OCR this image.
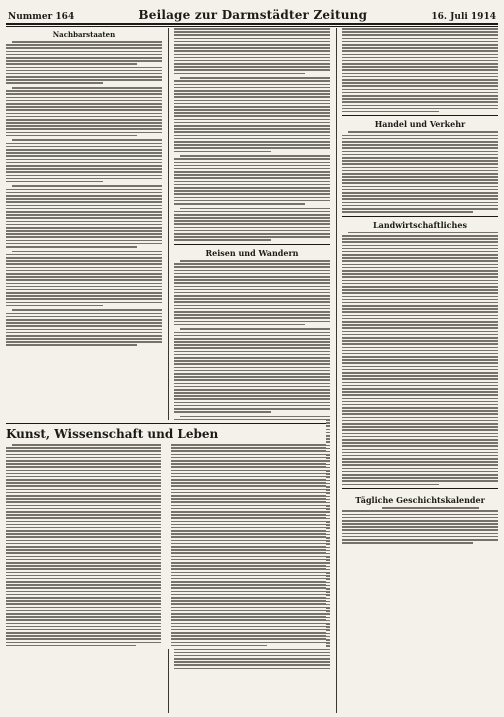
Nummer 164	Beilage zur Darmstädter Zeitung	16. Juli 1914
Nachbarstaaten
Reisen und Wandern
Handel und Verkehr
Landwirtschaftliches
Tägliche Geschichtskalender
Kunst, Wissenschaft und Leben
